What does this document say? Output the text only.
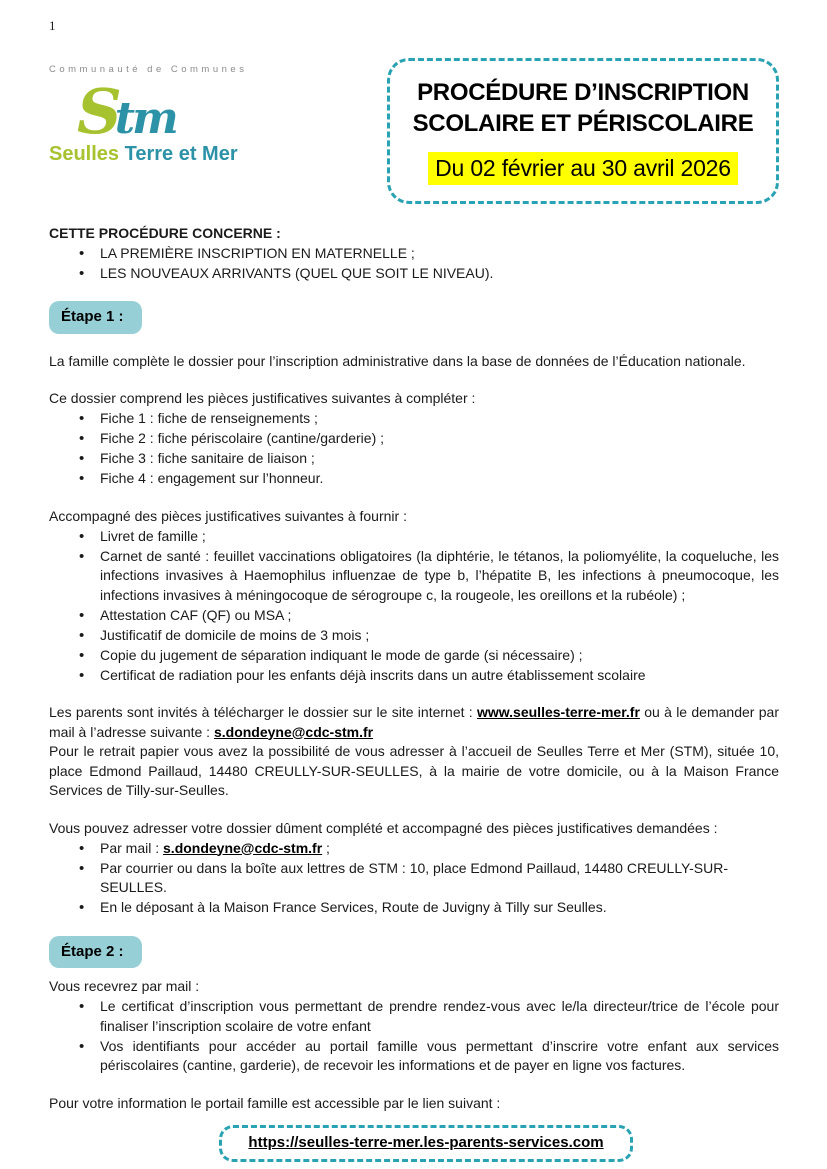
1
Communauté de Communes
Stm
Seulles Terre et Mer
PROCÉDURE D’INSCRIPTION
SCOLAIRE ET PÉRISCOLAIRE
Du 02 février au 30 avril 2026
CETTE PROCÉDURE CONCERNE :
• LA PREMIÈRE INSCRIPTION EN MATERNELLE ;
• LES NOUVEAUX ARRIVANTS (QUEL QUE SOIT LE NIVEAU).
Étape 1 :
La famille complète le dossier pour l’inscription administrative dans la base de données de l’Éducation nationale.
Ce dossier comprend les pièces justificatives suivantes à compléter :
• Fiche 1 : fiche de renseignements ;
• Fiche 2 : fiche périscolaire (cantine/garderie) ;
• Fiche 3 : fiche sanitaire de liaison ;
• Fiche 4 : engagement sur l’honneur.
Accompagné des pièces justificatives suivantes à fournir :
• Livret de famille ;
• Carnet de santé : feuillet vaccinations obligatoires (la diphtérie, le tétanos, la poliomyélite, la coqueluche, les infections invasives à Haemophilus influenzae de type b, l’hépatite B, les infections à pneumocoque, les infections invasives à méningocoque de sérogroupe c, la rougeole, les oreillons et la rubéole) ;
• Attestation CAF (QF) ou MSA ;
• Justificatif de domicile de moins de 3 mois ;
• Copie du jugement de séparation indiquant le mode de garde (si nécessaire) ;
• Certificat de radiation pour les enfants déjà inscrits dans un autre établissement scolaire
Les parents sont invités à télécharger le dossier sur le site internet : www.seulles-terre-mer.fr ou à le demander par mail à l’adresse suivante : s.dondeyne@cdc-stm.fr
Pour le retrait papier vous avez la possibilité de vous adresser à l’accueil de Seulles Terre et Mer (STM), située 10, place Edmond Paillaud, 14480 CREULLY-SUR-SEULLES, à la mairie de votre domicile, ou à la Maison France Services de Tilly-sur-Seulles.
Vous pouvez adresser votre dossier dûment complété et accompagné des pièces justificatives demandées :
• Par mail : s.dondeyne@cdc-stm.fr ;
• Par courrier ou dans la boîte aux lettres de STM : 10, place Edmond Paillaud, 14480 CREULLY-SUR-SEULLES.
• En le déposant à la Maison France Services, Route de Juvigny à Tilly sur Seulles.
Étape 2 :
Vous recevrez par mail :
• Le certificat d’inscription vous permettant de prendre rendez-vous avec le/la directeur/trice de l’école pour finaliser l’inscription scolaire de votre enfant
• Vos identifiants pour accéder au portail famille vous permettant d’inscrire votre enfant aux services périscolaires (cantine, garderie), de recevoir les informations et de payer en ligne vos factures.
Pour votre information le portail famille est accessible par le lien suivant :
https://seulles-terre-mer.les-parents-services.com
